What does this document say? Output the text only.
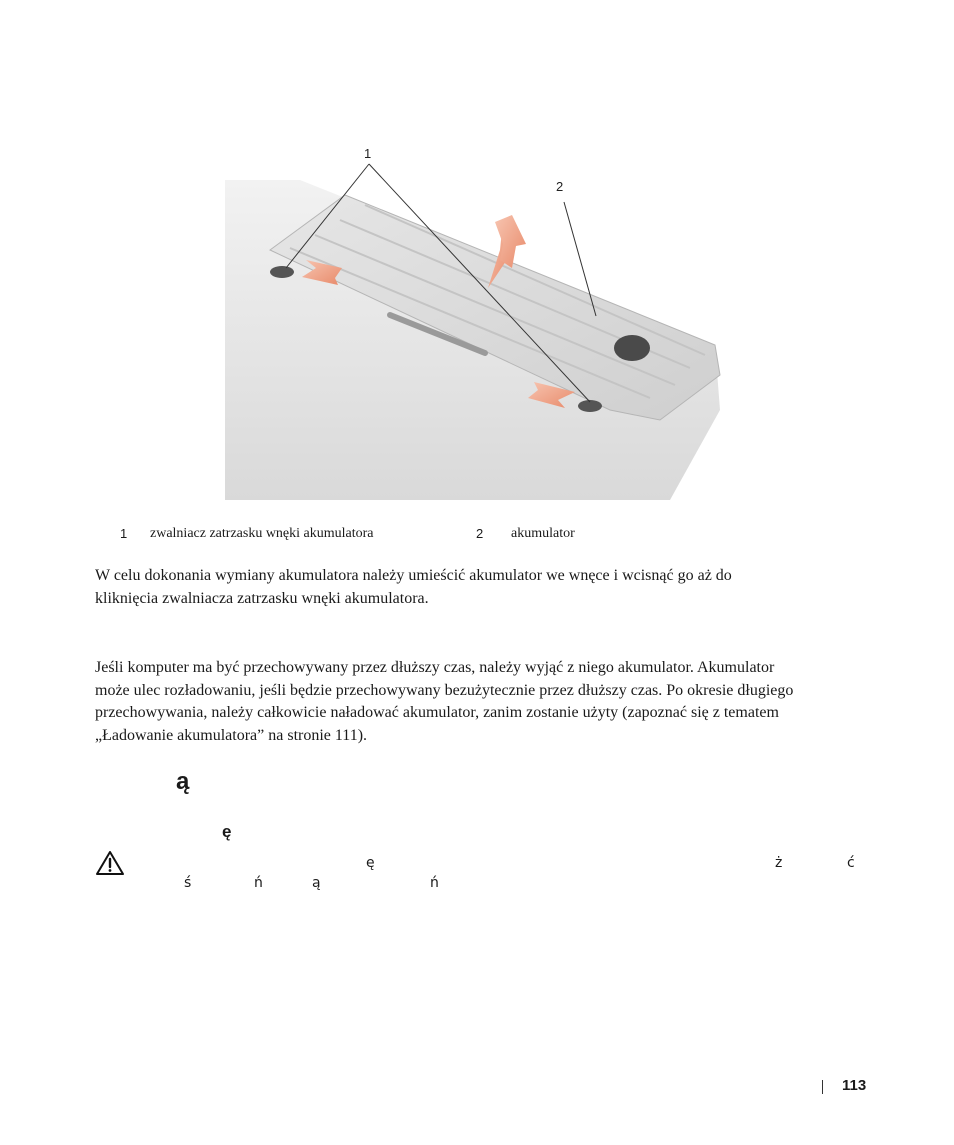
1
2
1 zwalniacz zatrzasku wnęki akumulatora	2 akumulator
W celu dokonania wymiany akumulatora należy umieścić akumulator we wnęce i wcisnąć go aż do
kliknięcia zwalniacza zatrzasku wnęki akumulatora.
Jeśli komputer ma być przechowywany przez dłuższy czas, należy wyjąć z niego akumulator. Akumulator
może ulec rozładowaniu, jeśli będzie przechowywany bezużytecznie przez dłuższy czas. Po okresie długiego
przechowywania, należy całkowicie naładować akumulator, zanim zostanie użyty (zapoznać się z tematem
„Ładowanie akumulatora” na stronie 111).
ą
ę
ę	ż	ć
ś	ń	ą	ń
113
